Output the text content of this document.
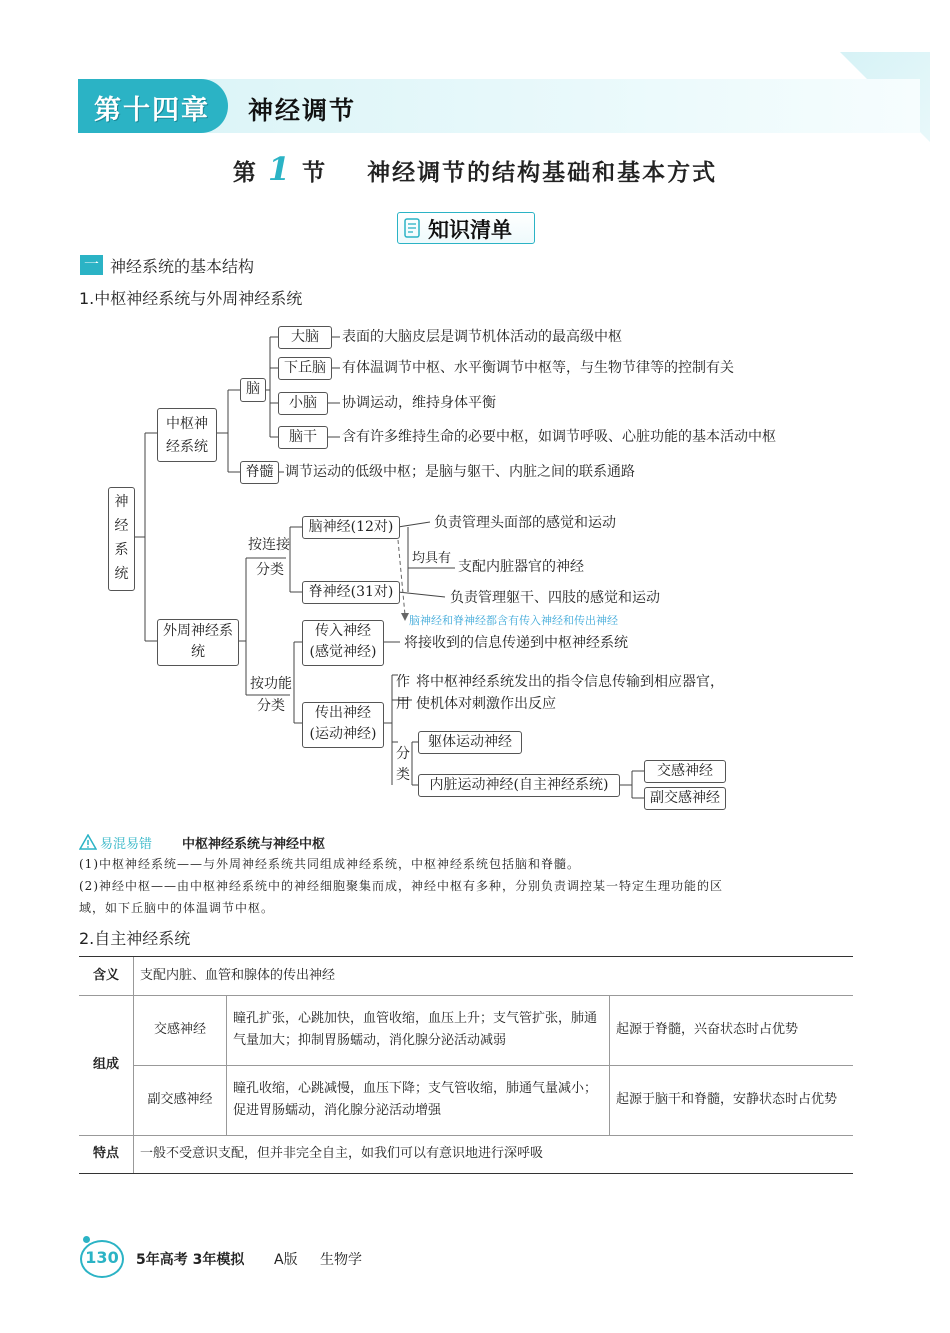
第十四章 神经调节
第 1 节 神经调节的结构基础和基本方式
知识清单
一 神经系统的基本结构
1.中枢神经系统与外周神经系统
神经系统
中枢神经系统
脑
大脑	表面的大脑皮层是调节机体活动的最高级中枢
下丘脑	有体温调节中枢、水平衡调节中枢等，与生物节律等的控制有关
小脑	协调运动，维持身体平衡
脑干	含有许多维持生命的必要中枢，如调节呼吸、心脏功能的基本活动中枢
脊髓 调节运动的低级中枢；是脑与躯干、内脏之间的联系通路
外周神经系统
按连接
分类
脑神经(12对)	负责管理头面部的感觉和运动
均具有
支配内脏器官的神经
脊神经(31对)	负责管理躯干、四肢的感觉和运动
脑神经和脊神经都含有传入神经和传出神经
按功能
分类
传入神经
(感觉神经)
将接收到的信息传递到中枢神经系统
传出神经
(运动神经)
作
用
将中枢神经系统发出的指令信息传输到相应器官，
使机体对刺激作出反应
分
类
躯体运动神经
内脏运动神经(自主神经系统)
交感神经
副交感神经
易混易错 中枢神经系统与神经中枢
(1)中枢神经系统——与外周神经系统共同组成神经系统，中枢神经系统包括脑和脊髓。
(2)神经中枢——由中枢神经系统中的神经细胞聚集而成，神经中枢有多种，分别负责调控某一特定生理功能的区
域，如下丘脑中的体温调节中枢。
2.自主神经系统
含义	支配内脏、血管和腺体的传出神经		
组成	交感神经	瞳孔扩张，心跳加快，血管收缩，血压上升；支气管扩张，肺通气量加大；抑制胃肠蠕动，消化腺分泌活动减弱	起源于脊髓，兴奋状态时占优势
	副交感神经	瞳孔收缩，心跳减慢，血压下降；支气管收缩，肺通气量减小；促进胃肠蠕动，消化腺分泌活动增强	起源于脑干和脊髓，安静状态时占优势
特点	一般不受意识支配，但并非完全自主，如我们可以有意识地进行深呼吸		
130 5年高考 3年模拟 A版 生物学
